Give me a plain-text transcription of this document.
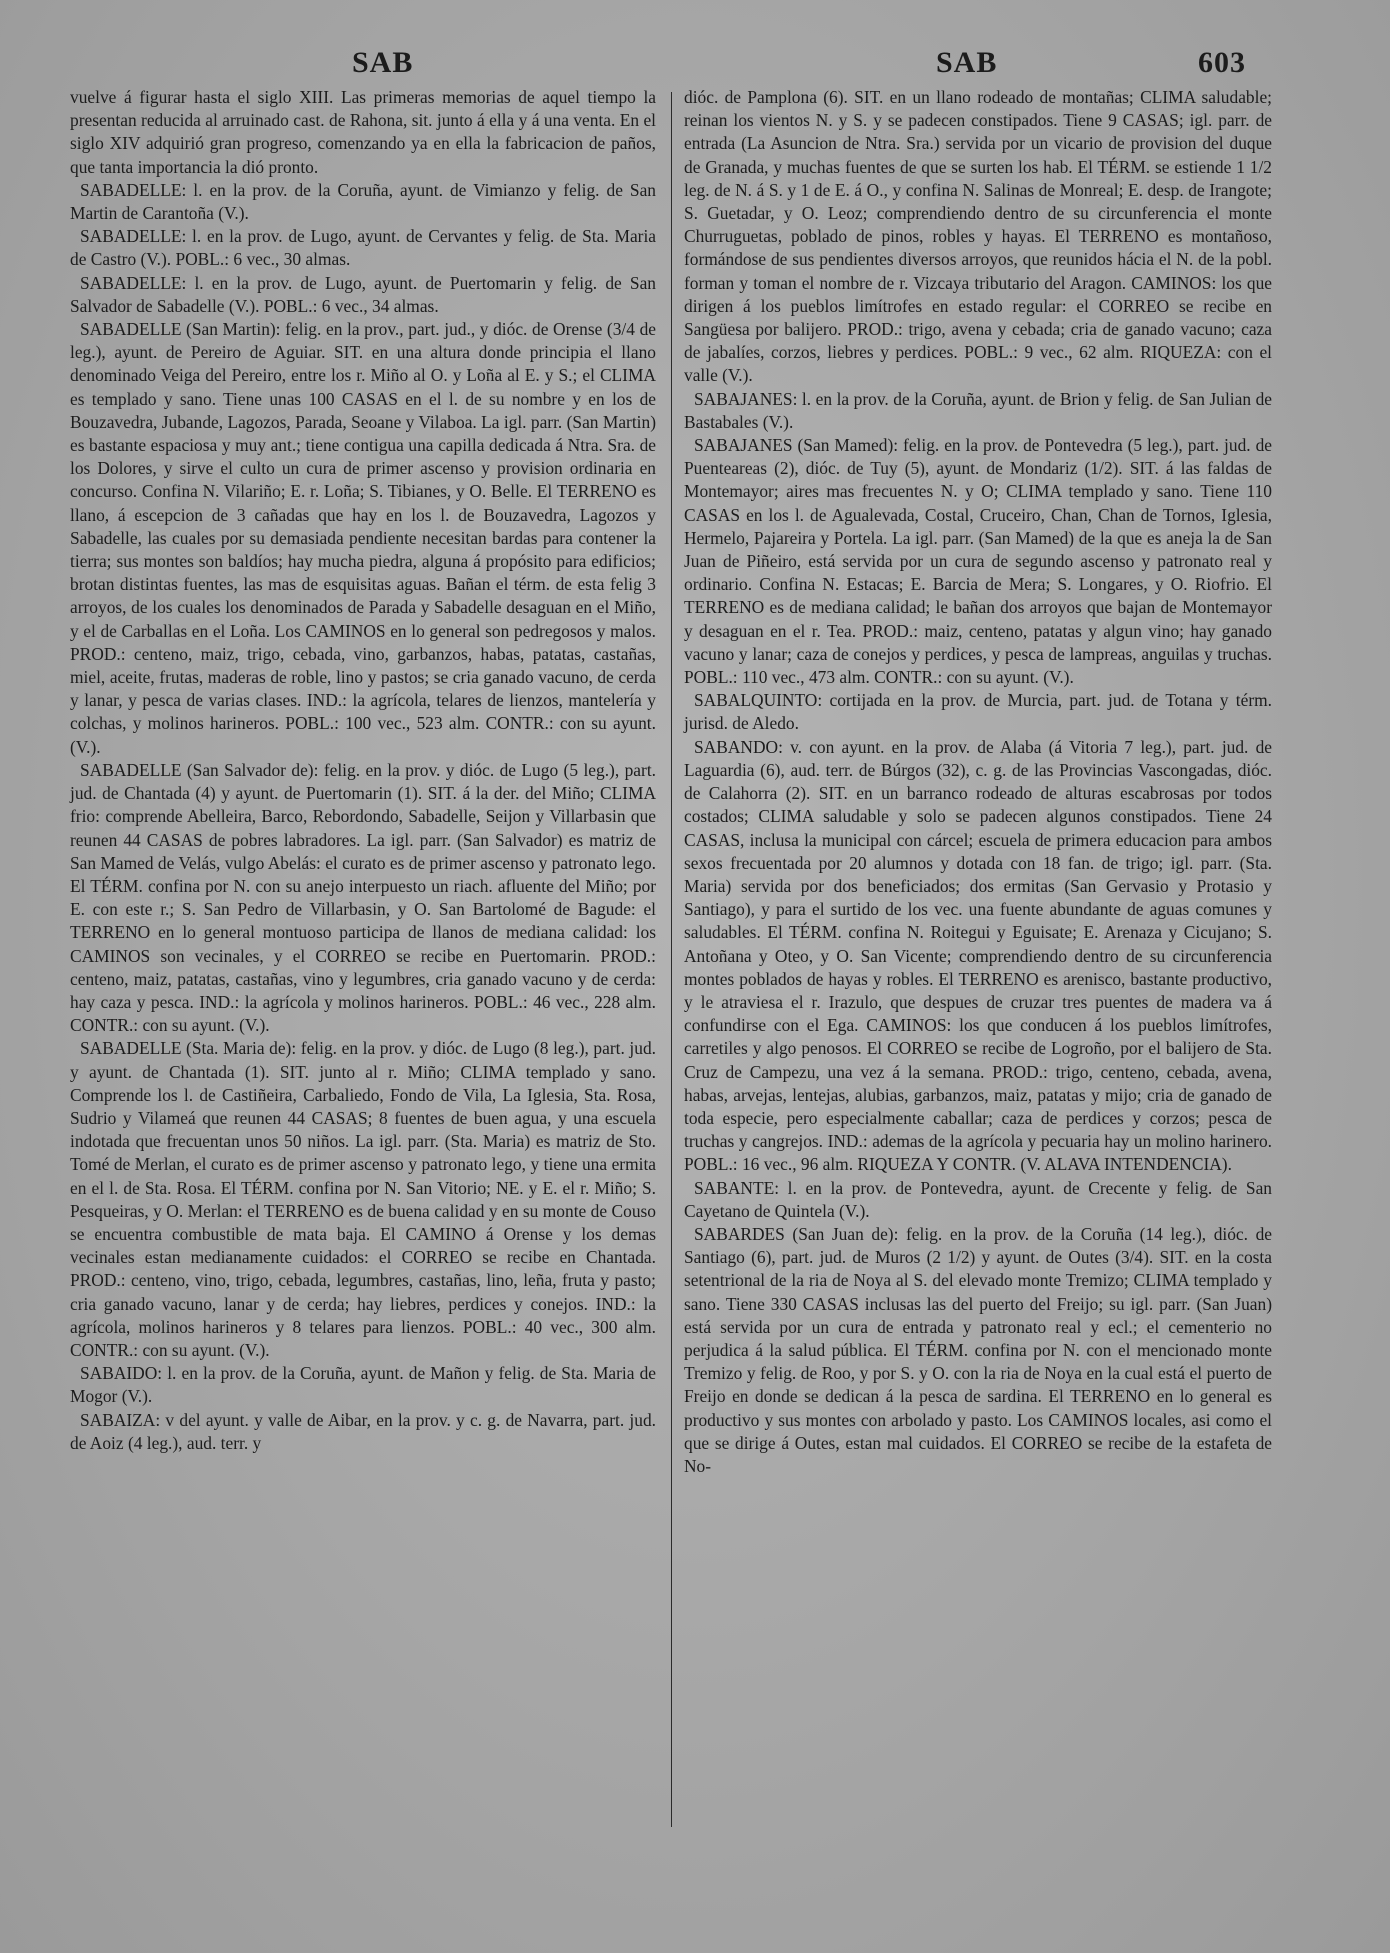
SAB	SAB	603

vuelve á figurar hasta el siglo XIII. Las primeras memorias de aquel tiempo la presentan reducida al arruinado cast. de Rahona, sit. junto á ella y á una venta. En el siglo XIV adquirió gran progreso, comenzando ya en ella la fabricacion de paños, que tanta importancia la dió pronto.

SABADELLE: l. en la prov. de la Coruña, ayunt. de Vimianzo y felig. de San Martin de Carantoña (V.).

SABADELLE: l. en la prov. de Lugo, ayunt. de Cervantes y felig. de Sta. Maria de Castro (V.). POBL.: 6 vec., 30 almas.

SABADELLE: l. en la prov. de Lugo, ayunt. de Puertomarin y felig. de San Salvador de Sabadelle (V.). POBL.: 6 vec., 34 almas.

SABADELLE (San Martin): felig. en la prov., part. jud., y dióc. de Orense (3/4 de leg.), ayunt. de Pereiro de Aguiar. SIT. en una altura donde principia el llano denominado Veiga del Pereiro, entre los r. Miño al O. y Loña al E. y S.; el CLIMA es templado y sano. Tiene unas 100 CASAS en el l. de su nombre y en los de Bouzavedra, Jubande, Lagozos, Parada, Seoane y Vilaboa. La igl. parr. (San Martin) es bastante espaciosa y muy ant.; tiene contigua una capilla dedicada á Ntra. Sra. de los Dolores, y sirve el culto un cura de primer ascenso y provision ordinaria en concurso. Confina N. Vilariño; E. r. Loña; S. Tibianes, y O. Belle. El TERRENO es llano, á escepcion de 3 cañadas que hay en los l. de Bouzavedra, Lagozos y Sabadelle, las cuales por su demasiada pendiente necesitan bardas para contener la tierra; sus montes son baldíos; hay mucha piedra, alguna á propósito para edificios; brotan distintas fuentes, las mas de esquisitas aguas. Bañan el térm. de esta felig 3 arroyos, de los cuales los denominados de Parada y Sabadelle desaguan en el Miño, y el de Carballas en el Loña. Los CAMINOS en lo general son pedregosos y malos. PROD.: centeno, maiz, trigo, cebada, vino, garbanzos, habas, patatas, castañas, miel, aceite, frutas, maderas de roble, lino y pastos; se cria ganado vacuno, de cerda y lanar, y pesca de varias clases. IND.: la agrícola, telares de lienzos, mantelería y colchas, y molinos harineros. POBL.: 100 vec., 523 alm. CONTR.: con su ayunt. (V.).

SABADELLE (San Salvador de): felig. en la prov. y dióc. de Lugo (5 leg.), part. jud. de Chantada (4) y ayunt. de Puertomarin (1). SIT. á la der. del Miño; CLIMA frio: comprende Abelleira, Barco, Rebordondo, Sabadelle, Seijon y Villarbasin que reunen 44 CASAS de pobres labradores. La igl. parr. (San Salvador) es matriz de San Mamed de Velás, vulgo Abelás: el curato es de primer ascenso y patronato lego. El TÉRM. confina por N. con su anejo interpuesto un riach. afluente del Miño; por E. con este r.; S. San Pedro de Villarbasin, y O. San Bartolomé de Bagude: el TERRENO en lo general montuoso participa de llanos de mediana calidad: los CAMINOS son vecinales, y el CORREO se recibe en Puertomarin. PROD.: centeno, maiz, patatas, castañas, vino y legumbres, cria ganado vacuno y de cerda: hay caza y pesca. IND.: la agrícola y molinos harineros. POBL.: 46 vec., 228 alm. CONTR.: con su ayunt. (V.).

SABADELLE (Sta. Maria de): felig. en la prov. y dióc. de Lugo (8 leg.), part. jud. y ayunt. de Chantada (1). SIT. junto al r. Miño; CLIMA templado y sano. Comprende los l. de Castiñeira, Carbaliedo, Fondo de Vila, La Iglesia, Sta. Rosa, Sudrio y Vilameá que reunen 44 CASAS; 8 fuentes de buen agua, y una escuela indotada que frecuentan unos 50 niños. La igl. parr. (Sta. Maria) es matriz de Sto. Tomé de Merlan, el curato es de primer ascenso y patronato lego, y tiene una ermita en el l. de Sta. Rosa. El TÉRM. confina por N. San Vitorio; NE. y E. el r. Miño; S. Pesqueiras, y O. Merlan: el TERRENO es de buena calidad y en su monte de Couso se encuentra combustible de mata baja. El CAMINO á Orense y los demas vecinales estan medianamente cuidados: el CORREO se recibe en Chantada. PROD.: centeno, vino, trigo, cebada, legumbres, castañas, lino, leña, fruta y pasto; cria ganado vacuno, lanar y de cerda; hay liebres, perdices y conejos. IND.: la agrícola, molinos harineros y 8 telares para lienzos. POBL.: 40 vec., 300 alm. CONTR.: con su ayunt. (V.).

SABAIDO: l. en la prov. de la Coruña, ayunt. de Mañon y felig. de Sta. Maria de Mogor (V.).

SABAIZA: v del ayunt. y valle de Aibar, en la prov. y c. g. de Navarra, part. jud. de Aoiz (4 leg.), aud. terr. y

dióc. de Pamplona (6). SIT. en un llano rodeado de montañas; CLIMA saludable; reinan los vientos N. y S. y se padecen constipados. Tiene 9 CASAS; igl. parr. de entrada (La Asuncion de Ntra. Sra.) servida por un vicario de provision del duque de Granada, y muchas fuentes de que se surten los hab. El TÉRM. se estiende 1 1/2 leg. de N. á S. y 1 de E. á O., y confina N. Salinas de Monreal; E. desp. de Irangote; S. Guetadar, y O. Leoz; comprendiendo dentro de su circunferencia el monte Churruguetas, poblado de pinos, robles y hayas. El TERRENO es montañoso, formándose de sus pendientes diversos arroyos, que reunidos hácia el N. de la pobl. forman y toman el nombre de r. Vizcaya tributario del Aragon. CAMINOS: los que dirigen á los pueblos limítrofes en estado regular: el CORREO se recibe en Sangüesa por balijero. PROD.: trigo, avena y cebada; cria de ganado vacuno; caza de jabalíes, corzos, liebres y perdices. POBL.: 9 vec., 62 alm. RIQUEZA: con el valle (V.).

SABAJANES: l. en la prov. de la Coruña, ayunt. de Brion y felig. de San Julian de Bastabales (V.).

SABAJANES (San Mamed): felig. en la prov. de Pontevedra (5 leg.), part. jud. de Puenteareas (2), dióc. de Tuy (5), ayunt. de Mondariz (1/2). SIT. á las faldas de Montemayor; aires mas frecuentes N. y O; CLIMA templado y sano. Tiene 110 CASAS en los l. de Agualevada, Costal, Cruceiro, Chan, Chan de Tornos, Iglesia, Hermelo, Pajareira y Portela. La igl. parr. (San Mamed) de la que es aneja la de San Juan de Piñeiro, está servida por un cura de segundo ascenso y patronato real y ordinario. Confina N. Estacas; E. Barcia de Mera; S. Longares, y O. Riofrio. El TERRENO es de mediana calidad; le bañan dos arroyos que bajan de Montemayor y desaguan en el r. Tea. PROD.: maiz, centeno, patatas y algun vino; hay ganado vacuno y lanar; caza de conejos y perdices, y pesca de lampreas, anguilas y truchas. POBL.: 110 vec., 473 alm. CONTR.: con su ayunt. (V.).

SABALQUINTO: cortijada en la prov. de Murcia, part. jud. de Totana y térm. jurisd. de Aledo.

SABANDO: v. con ayunt. en la prov. de Alaba (á Vitoria 7 leg.), part. jud. de Laguardia (6), aud. terr. de Búrgos (32), c. g. de las Provincias Vascongadas, dióc. de Calahorra (2). SIT. en un barranco rodeado de alturas escabrosas por todos costados; CLIMA saludable y solo se padecen algunos constipados. Tiene 24 CASAS, inclusa la municipal con cárcel; escuela de primera educacion para ambos sexos frecuentada por 20 alumnos y dotada con 18 fan. de trigo; igl. parr. (Sta. Maria) servida por dos beneficiados; dos ermitas (San Gervasio y Protasio y Santiago), y para el surtido de los vec. una fuente abundante de aguas comunes y saludables. El TÉRM. confina N. Roitegui y Eguisate; E. Arenaza y Cicujano; S. Antoñana y Oteo, y O. San Vicente; comprendiendo dentro de su circunferencia montes poblados de hayas y robles. El TERRENO es arenisco, bastante productivo, y le atraviesa el r. Irazulo, que despues de cruzar tres puentes de madera va á confundirse con el Ega. CAMINOS: los que conducen á los pueblos limítrofes, carretiles y algo penosos. El CORREO se recibe de Logroño, por el balijero de Sta. Cruz de Campezu, una vez á la semana. PROD.: trigo, centeno, cebada, avena, habas, arvejas, lentejas, alubias, garbanzos, maiz, patatas y mijo; cria de ganado de toda especie, pero especialmente caballar; caza de perdices y corzos; pesca de truchas y cangrejos. IND.: ademas de la agrícola y pecuaria hay un molino harinero. POBL.: 16 vec., 96 alm. RIQUEZA Y CONTR. (V. ALAVA INTENDENCIA).

SABANTE: l. en la prov. de Pontevedra, ayunt. de Crecente y felig. de San Cayetano de Quintela (V.).

SABARDES (San Juan de): felig. en la prov. de la Coruña (14 leg.), dióc. de Santiago (6), part. jud. de Muros (2 1/2) y ayunt. de Outes (3/4). SIT. en la costa setentrional de la ria de Noya al S. del elevado monte Tremizo; CLIMA templado y sano. Tiene 330 CASAS inclusas las del puerto del Freijo; su igl. parr. (San Juan) está servida por un cura de entrada y patronato real y ecl.; el cementerio no perjudica á la salud pública. El TÉRM. confina por N. con el mencionado monte Tremizo y felig. de Roo, y por S. y O. con la ria de Noya en la cual está el puerto de Freijo en donde se dedican á la pesca de sardina. El TERRENO en lo general es productivo y sus montes con arbolado y pasto. Los CAMINOS locales, asi como el que se dirige á Outes, estan mal cuidados. El CORREO se recibe de la estafeta de No-
